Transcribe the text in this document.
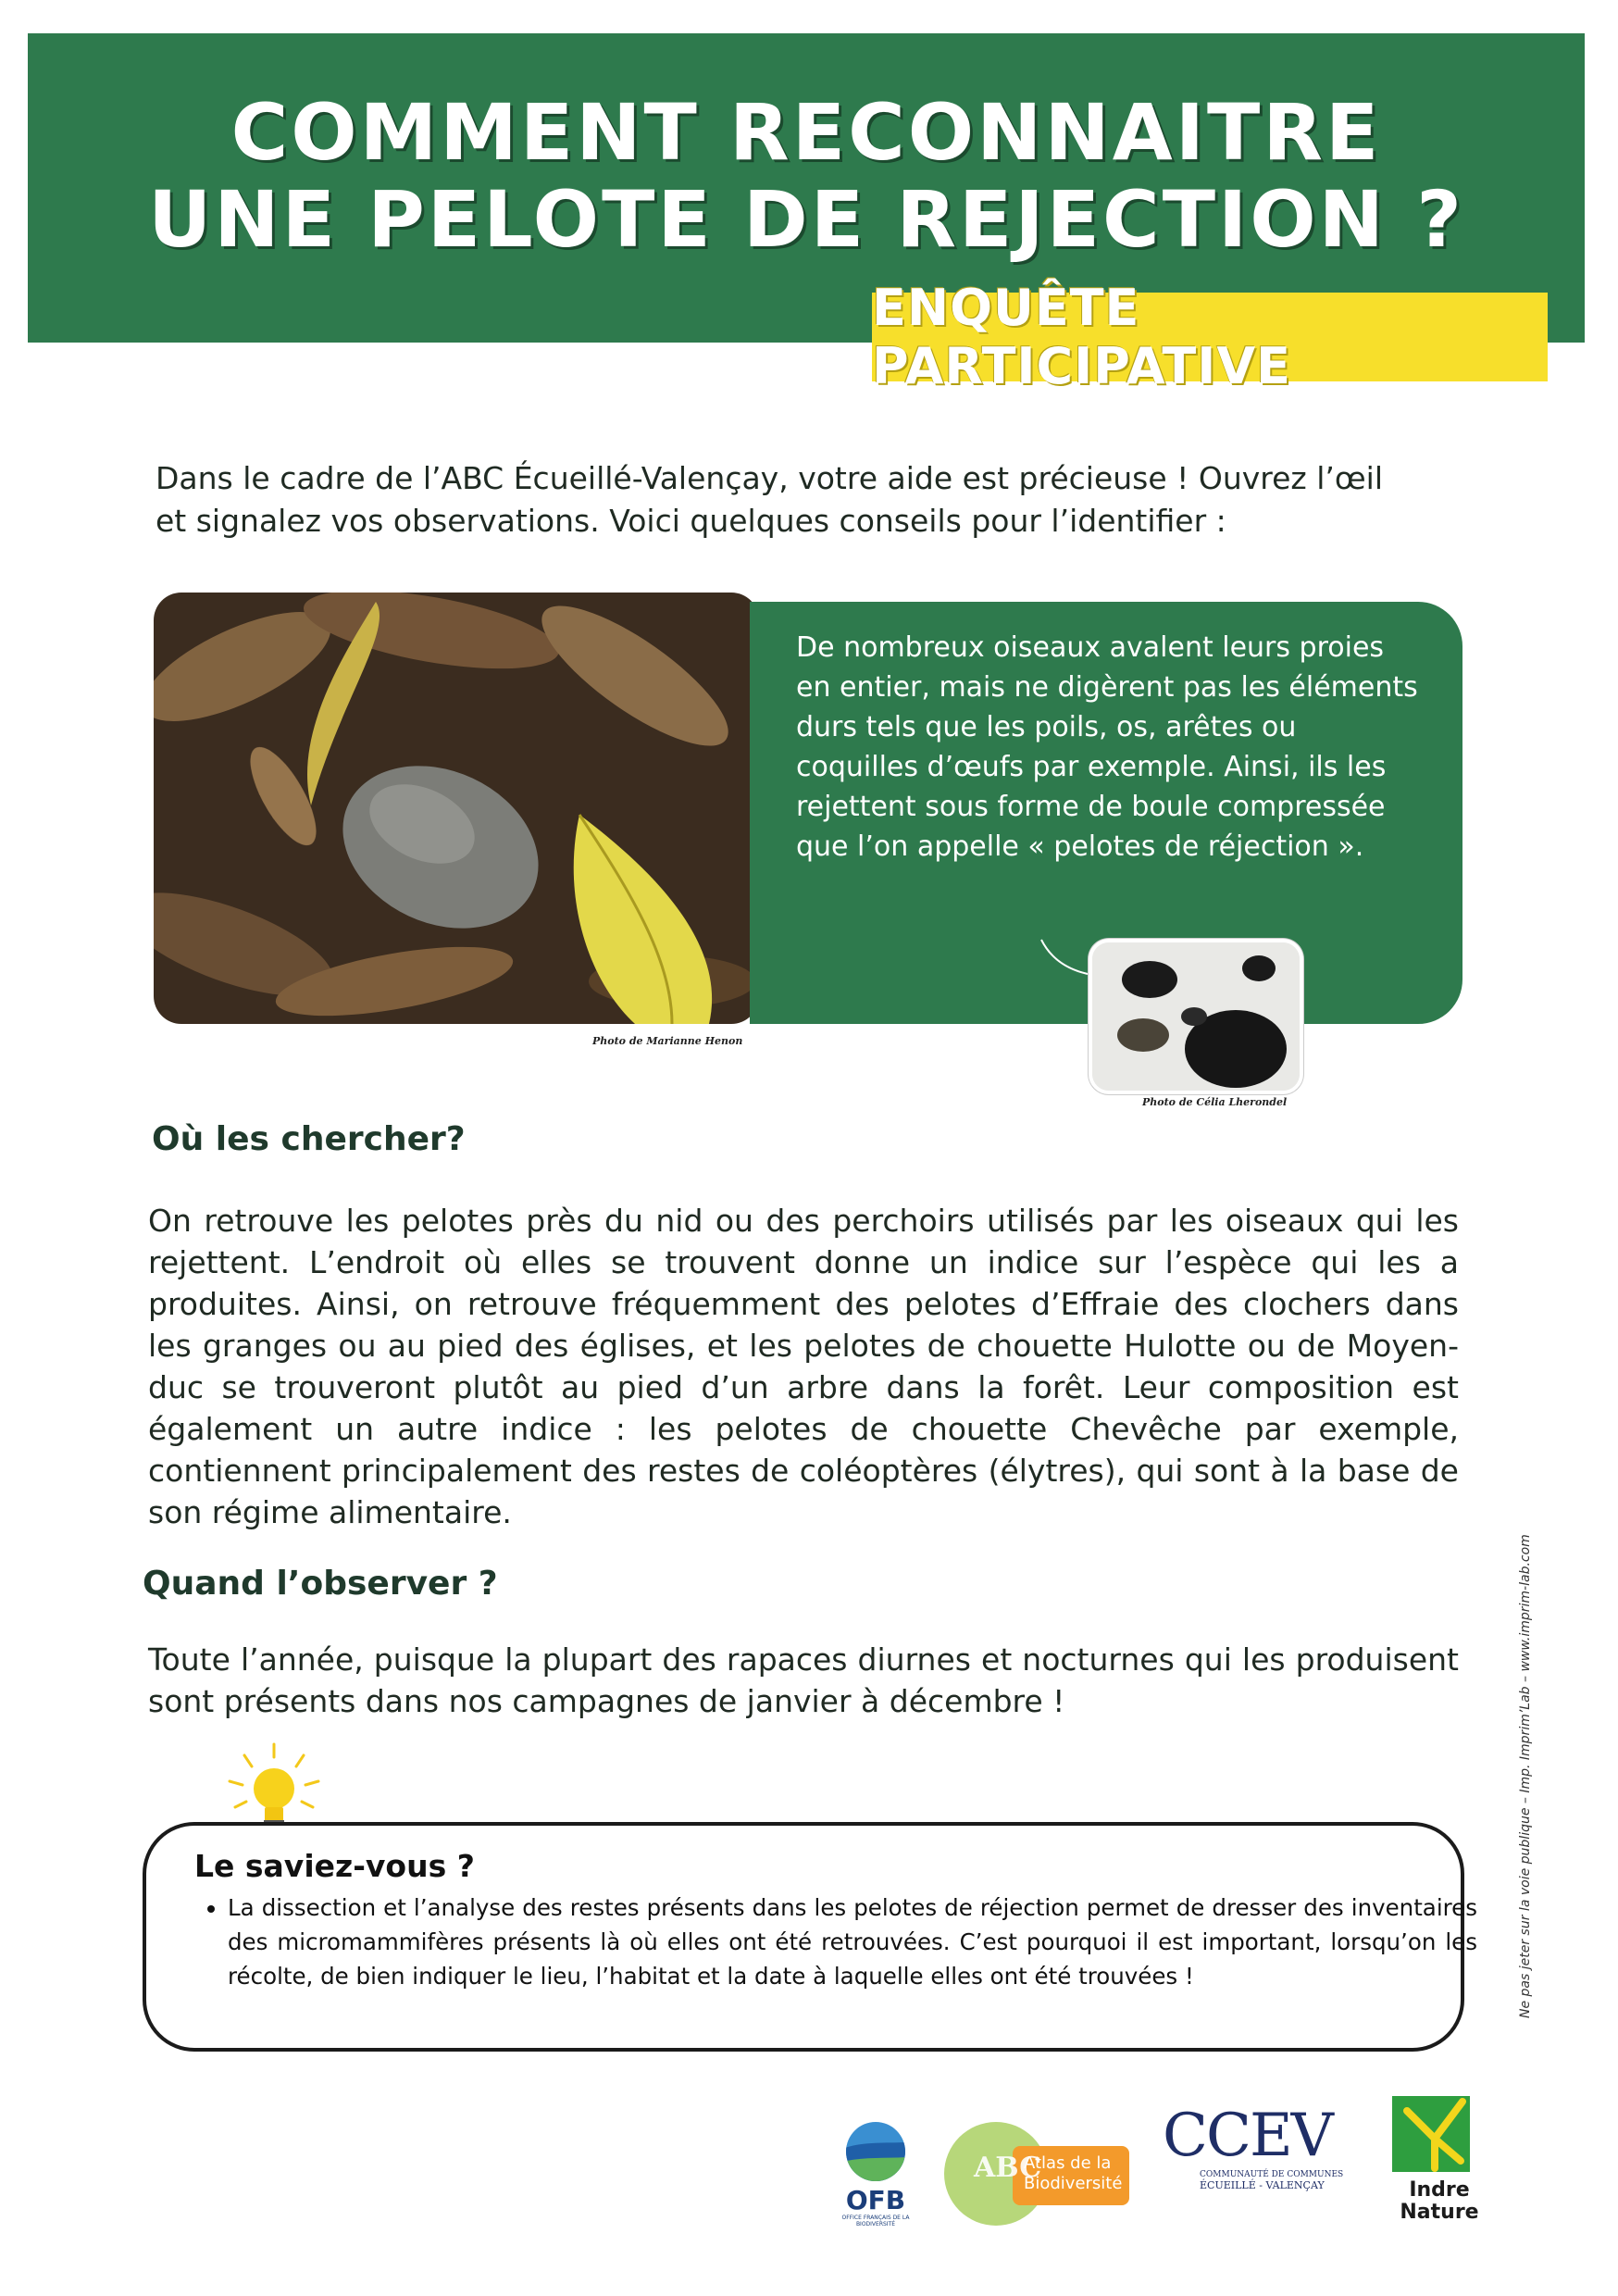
COMMENT RECONNAITRE
UNE PELOTE DE REJECTION ?
ENQUÊTE PARTICIPATIVE
Dans le cadre de l’ABC Écueillé-Valençay, votre aide est précieuse ! Ouvrez l’œil et signalez vos observations. Voici quelques conseils pour l’identifier :
Photo de Marianne Henon
De nombreux oiseaux avalent leurs proies en entier, mais ne digèrent pas les éléments durs tels que les poils, os, arêtes ou coquilles d’œufs par exemple. Ainsi, ils les rejettent sous forme de boule compressée que l’on appelle « pelotes de réjection ».
Photo de Célia Lherondel
Où les chercher?
On retrouve les pelotes près du nid ou des perchoirs utilisés par les oiseaux qui les rejettent. L’endroit où elles se trouvent donne un indice sur l’espèce qui les a produites. Ainsi, on retrouve fréquemment des pelotes d’Effraie des clochers dans les granges ou au pied des églises, et les pelotes de chouette Hulotte ou de Moyen-duc se trouveront plutôt au pied d’un arbre dans la forêt. Leur composition est également un autre indice : les pelotes de chouette Chevêche par exemple, contiennent principalement des restes de coléoptères (élytres), qui sont à la base de son régime alimentaire.
Quand l’observer ?
Toute l’année, puisque la plupart des rapaces diurnes et nocturnes qui les produisent sont présents dans nos campagnes de janvier à décembre !
Le saviez-vous ?
• La dissection et l’analyse des restes présents dans les pelotes de réjection permet de dresser des inventaires des micromammifères présents là où elles ont été retrouvées. C’est pourquoi il est important, lorsqu’on les récolte, de bien indiquer le lieu, l’habitat et la date à laquelle elles ont été trouvées !	Ne pas jeter sur la voie publique – Imp. Imprim’Lab – www.imprim-lab.com
OFB
OFFICE FRANÇAIS DE LA BIODIVERSITÉ
ABC
Atlas de la
Biodiversité
CCEV
COMMUNAUTÉ DE COMMUNES
ÉCUEILLÉ - VALENÇAY	Indre
Nature
